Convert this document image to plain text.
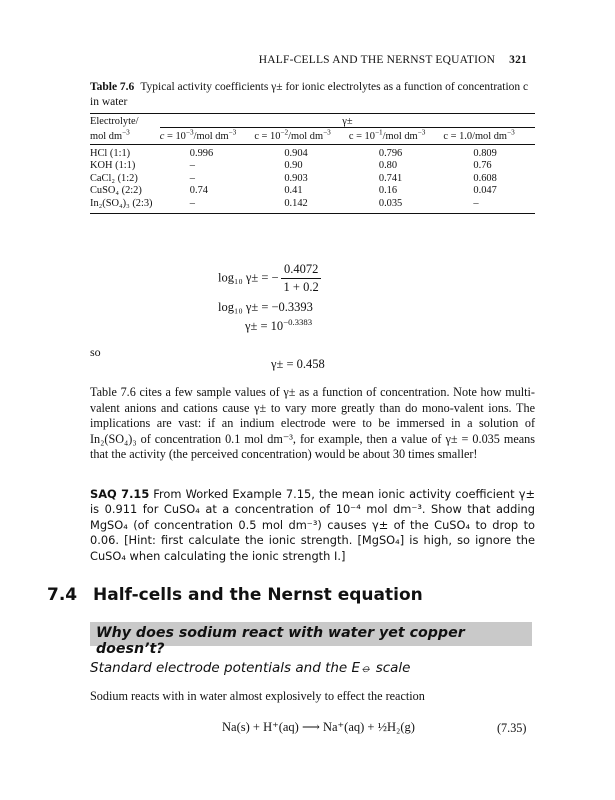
HALF-CELLS AND THE NERNST EQUATION 321
Table 7.6 Typical activity coefficients γ± for ionic electrolytes as a function of concentration c in water
Electrolyte/	γ±			
mol $dm^{-3}$	$c = 10^{-3}$/mol $dm^{-3}$	$c = 10^{-2}$/mol $dm^{-3}$	$c = 10^{-1}$/mol $dm^{-3}$	c = 1.0/mol $dm^{-3}$
HCl (1:1)	0.996	0.904	0.796	0.809
KOH (1:1)	–	0.90	0.80	0.76
CaCl₂ (1:2)	–	0.903	0.741	0.608
CuSO₄ (2:2)	0.74	0.41	0.16	0.047
In₂(SO₄)₃ (2:3)	–	0.142	0.035	–
log₁₀ γ± = − $\frac{0.4072}{1 + 0.2}$
log₁₀ γ± = −0.3393
$\gamma\pm = 10^{-0.3383}$
so
γ± = 0.458
Table 7.6 cites a few sample values of γ± as a function of concentration. Note how multi-valent anions and cations cause γ± to vary more greatly than do mono-valent ions. The implications are vast: if an indium electrode were to be immersed in a solution of In₂(SO₄)₃ of concentration 0.1 mol dm⁻³, for example, then a value of γ± = 0.035 means that the activity (the perceived concentration) would be about 30 times smaller!
SAQ 7.15 From Worked Example 7.15, the mean ionic activity coefficient γ± is 0.911 for CuSO₄ at a concentration of 10⁻⁴ mol dm⁻³. Show that adding MgSO₄ (of concentration 0.5 mol dm⁻³) causes γ± of the CuSO₄ to drop to 0.06. [Hint: first calculate the ionic strength. [MgSO₄] is high, so ignore the CuSO₄ when calculating the ionic strength I.]
7.4 Half-cells and the Nernst equation
Why does sodium react with water yet copper doesn’t?
Standard electrode potentials and the E⦵ scale
Sodium reacts with in water almost explosively to effect the reaction
Na(s) + H⁺(aq) ⟶ Na⁺(aq) + ½H₂(g)	(7.35)
